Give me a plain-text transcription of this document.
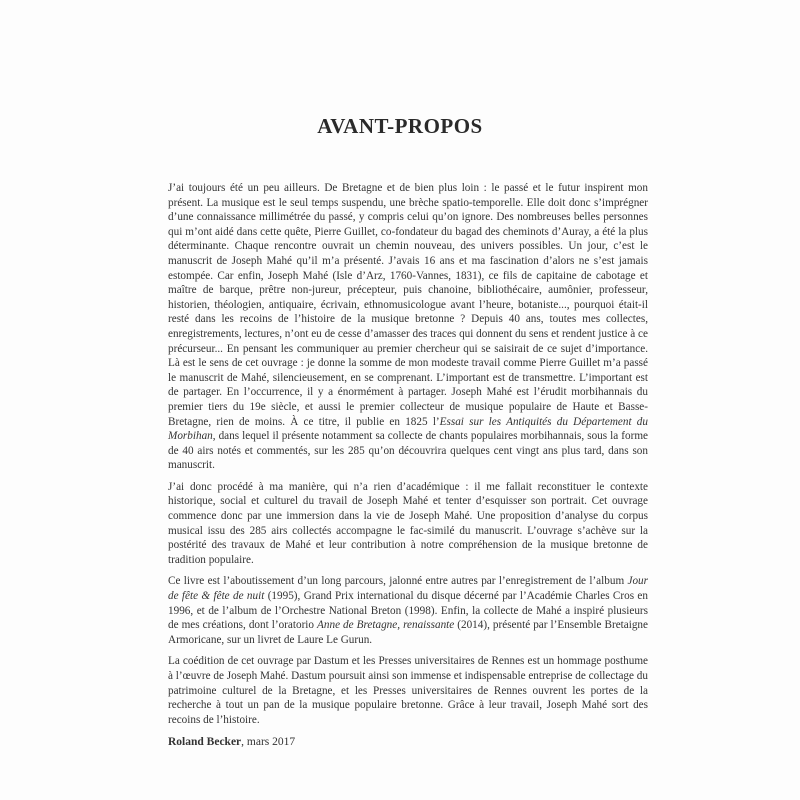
AVANT-PROPOS

J’ai toujours été un peu ailleurs. De Bretagne et de bien plus loin : le passé et le futur inspirent mon présent. La musique est le seul temps suspendu, une brèche spatio-temporelle. Elle doit donc s’imprégner d’une connaissance millimétrée du passé, y compris celui qu’on ignore. Des nombreuses belles personnes qui m’ont aidé dans cette quête, Pierre Guillet, co-fondateur du bagad des cheminots d’Auray, a été la plus déterminante. Chaque rencontre ouvrait un chemin nouveau, des univers possibles. Un jour, c’est le manuscrit de Joseph Mahé qu’il m’a présenté. J’avais 16 ans et ma fascination d’alors ne s’est jamais estompée. Car enfin, Joseph Mahé (Isle d’Arz, 1760-Vannes, 1831), ce fils de capitaine de cabotage et maître de barque, prêtre non-jureur, précepteur, puis chanoine, bibliothécaire, aumônier, professeur, historien, théologien, antiquaire, écrivain, ethnomusicologue avant l’heure, botaniste..., pourquoi était-il resté dans les recoins de l’histoire de la musique bretonne ? Depuis 40 ans, toutes mes collectes, enregistrements, lectures, n’ont eu de cesse d’amasser des traces qui donnent du sens et rendent justice à ce précurseur... En pensant les communiquer au premier chercheur qui se saisirait de ce sujet d’importance. Là est le sens de cet ouvrage : je donne la somme de mon modeste travail comme Pierre Guillet m’a passé le manuscrit de Mahé, silencieusement, en se comprenant. L’important est de transmettre. L’important est de partager. En l’occurrence, il y a énormément à partager. Joseph Mahé est l’érudit morbihannais du premier tiers du 19e siècle, et aussi le premier collecteur de musique populaire de Haute et Basse-Bretagne, rien de moins. À ce titre, il publie en 1825 l’Essai sur les Antiquités du Département du Morbihan, dans lequel il présente notamment sa collecte de chants populaires morbihannais, sous la forme de 40 airs notés et commentés, sur les 285 qu’on découvrira quelques cent vingt ans plus tard, dans son manuscrit.

J’ai donc procédé à ma manière, qui n’a rien d’académique : il me fallait reconstituer le contexte historique, social et culturel du travail de Joseph Mahé et tenter d’esquisser son portrait. Cet ouvrage commence donc par une immersion dans la vie de Joseph Mahé. Une proposition d’analyse du corpus musical issu des 285 airs collectés accompagne le fac-similé du manuscrit. L’ouvrage s’achève sur la postérité des travaux de Mahé et leur contribution à notre compréhension de la musique bretonne de tradition populaire.

Ce livre est l’aboutissement d’un long parcours, jalonné entre autres par l’enregistrement de l’album Jour de fête & fête de nuit (1995), Grand Prix international du disque décerné par l’Académie Charles Cros en 1996, et de l’album de l’Orchestre National Breton (1998). Enfin, la collecte de Mahé a inspiré plusieurs de mes créations, dont l’oratorio Anne de Bretagne, renaissante (2014), présenté par l’Ensemble Bretaigne Armoricane, sur un livret de Laure Le Gurun.

La coédition de cet ouvrage par Dastum et les Presses universitaires de Rennes est un hommage posthume à l’œuvre de Joseph Mahé. Dastum poursuit ainsi son immense et indispensable entreprise de collectage du patrimoine culturel de la Bretagne, et les Presses universitaires de Rennes ouvrent les portes de la recherche à tout un pan de la musique populaire bretonne. Grâce à leur travail, Joseph Mahé sort des recoins de l’histoire.

Roland Becker, mars 2017
